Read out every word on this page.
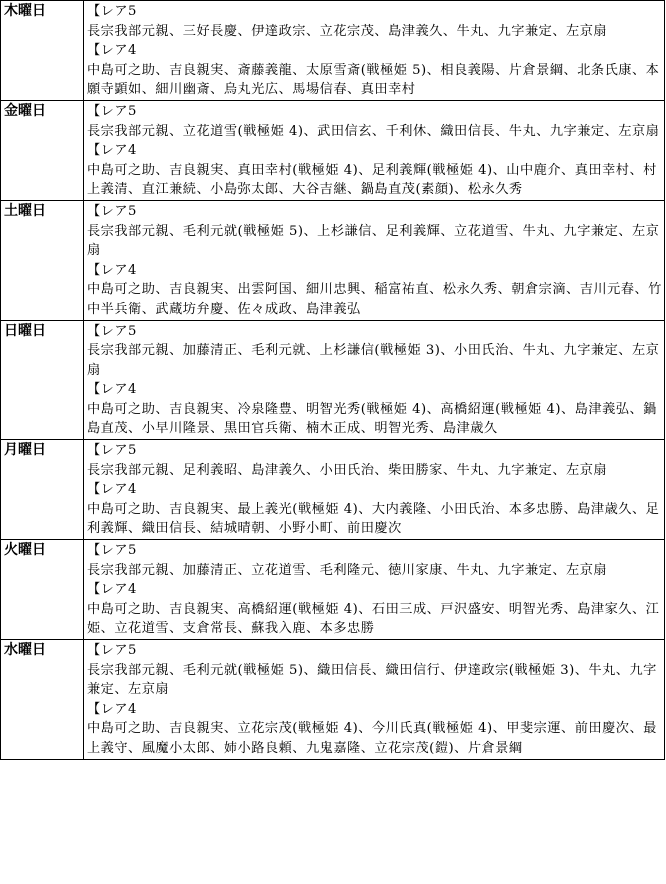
木曜日	【レア5
長宗我部元親、三好長慶、伊達政宗、立花宗茂、島津義久、牛丸、九字兼定、左京扇
【レア4
中島可之助、吉良親実、斎藤義龍、太原雪斎(戦極姫 5)、相良義陽、片倉景綱、北条氏康、本願寺顕如、細川幽斎、烏丸光広、馬場信春、真田幸村

金曜日	【レア5
長宗我部元親、立花道雪(戦極姫 4)、武田信玄、千利休、織田信長、牛丸、九字兼定、左京扇
【レア4
中島可之助、吉良親実、真田幸村(戦極姫 4)、足利義輝(戦極姫 4)、山中鹿介、真田幸村、村上義清、直江兼続、小島弥太郎、大谷吉継、鍋島直茂(素顔)、松永久秀

土曜日	【レア5
長宗我部元親、毛利元就(戦極姫 5)、上杉謙信、足利義輝、立花道雪、牛丸、九字兼定、左京扇
【レア4
中島可之助、吉良親実、出雲阿国、細川忠興、稲富祐直、松永久秀、朝倉宗滴、吉川元春、竹中半兵衛、武蔵坊弁慶、佐々成政、島津義弘

日曜日	【レア5
長宗我部元親、加藤清正、毛利元就、上杉謙信(戦極姫 3)、小田氏治、牛丸、九字兼定、左京扇
【レア4
中島可之助、吉良親実、冷泉隆豊、明智光秀(戦極姫 4)、高橋紹運(戦極姫 4)、島津義弘、鍋島直茂、小早川隆景、黒田官兵衛、楠木正成、明智光秀、島津歳久

月曜日	【レア5
長宗我部元親、足利義昭、島津義久、小田氏治、柴田勝家、牛丸、九字兼定、左京扇
【レア4
中島可之助、吉良親実、最上義光(戦極姫 4)、大内義隆、小田氏治、本多忠勝、島津歳久、足利義輝、織田信長、結城晴朝、小野小町、前田慶次

火曜日	【レア5
長宗我部元親、加藤清正、立花道雪、毛利隆元、徳川家康、牛丸、九字兼定、左京扇
【レア4
中島可之助、吉良親実、高橋紹運(戦極姫 4)、石田三成、戸沢盛安、明智光秀、島津家久、江姫、立花道雪、支倉常長、蘇我入鹿、本多忠勝

水曜日	【レア5
長宗我部元親、毛利元就(戦極姫 5)、織田信長、織田信行、伊達政宗(戦極姫 3)、牛丸、九字兼定、左京扇
【レア4
中島可之助、吉良親実、立花宗茂(戦極姫 4)、今川氏真(戦極姫 4)、甲斐宗運、前田慶次、最上義守、風魔小太郎、姉小路良頼、九鬼嘉隆、立花宗茂(鎧)、片倉景綱
